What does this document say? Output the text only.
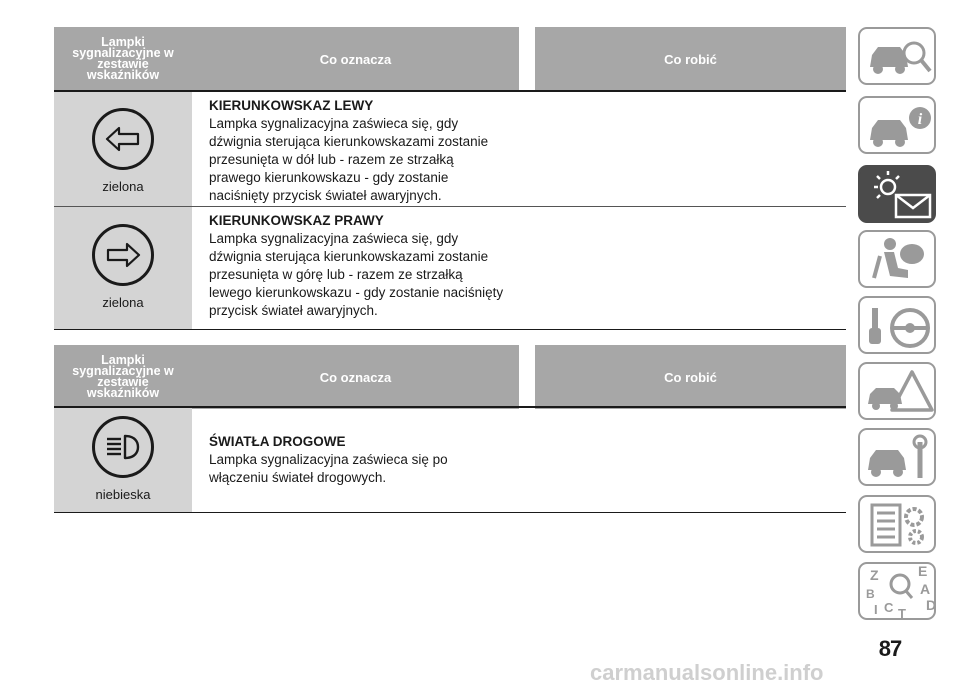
Lampki
sygnalizacyjne w
zestawie
wskaźników
Co oznacza	Co robić
zielona
KIERUNKOWSKAZ LEWY
Lampka sygnalizacyjna zaświeca się, gdy
dźwignia sterująca kierunkowskazami zostanie
przesunięta w dół lub - razem ze strzałką
prawego kierunkowskazu - gdy zostanie
naciśnięty przycisk świateł awaryjnych.
zielona
KIERUNKOWSKAZ PRAWY
Lampka sygnalizacyjna zaświeca się, gdy
dźwignia sterująca kierunkowskazami zostanie
przesunięta w górę lub - razem ze strzałką
lewego kierunkowskazu - gdy zostanie naciśnięty
przycisk świateł awaryjnych.
Lampki
sygnalizacyjne w
zestawie
wskaźników
Co oznacza	Co robić
niebieska
ŚWIATŁA DROGOWE
Lampka sygnalizacyjna zaświeca się po
włączeniu świateł drogowych.
i
Z	E
B	A
C D
I T
87
carmanualsonline.info
